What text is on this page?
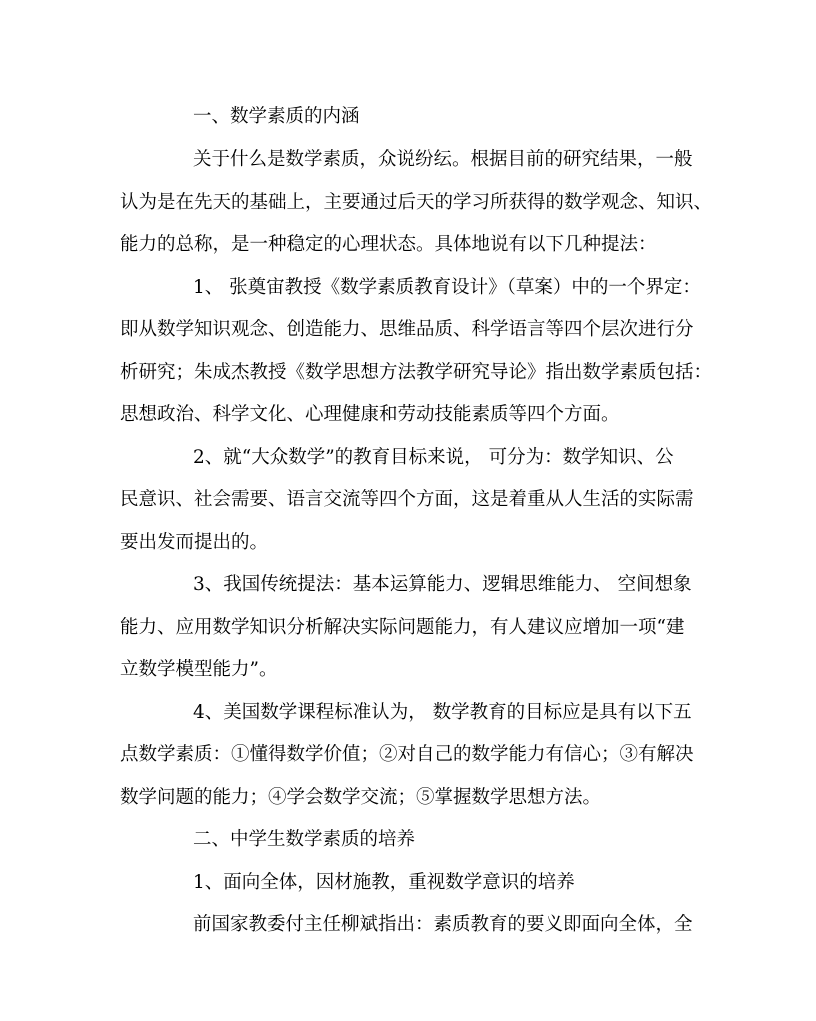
一、数学素质的内涵
关于什么是数学素质，众说纷纭。根据目前的研究结果，一般
认为是在先天的基础上，主要通过后天的学习所获得的数学观念、知识、
能力的总称，是一种稳定的心理状态。具体地说有以下几种提法：
1、 张奠宙教授《数学素质教育设计》（草案）中的一个界定：
即从数学知识观念、创造能力、思维品质、科学语言等四个层次进行分
析研究；朱成杰教授《数学思想方法教学研究导论》指出数学素质包括：
思想政治、科学文化、心理健康和劳动技能素质等四个方面。
2、就“大众数学”的教育目标来说， 可分为：数学知识、公
民意识、社会需要、语言交流等四个方面，这是着重从人生活的实际需
要出发而提出的。
3、我国传统提法：基本运算能力、逻辑思维能力、 空间想象
能力、应用数学知识分析解决实际问题能力，有人建议应增加一项“建
立数学模型能力”。
4、美国数学课程标准认为， 数学教育的目标应是具有以下五
点数学素质：①懂得数学价值；②对自己的数学能力有信心；③有解决
数学问题的能力；④学会数学交流；⑤掌握数学思想方法。
二、中学生数学素质的培养
1、面向全体，因材施教，重视数学意识的培养
前国家教委付主任柳斌指出：素质教育的要义即面向全体，全
